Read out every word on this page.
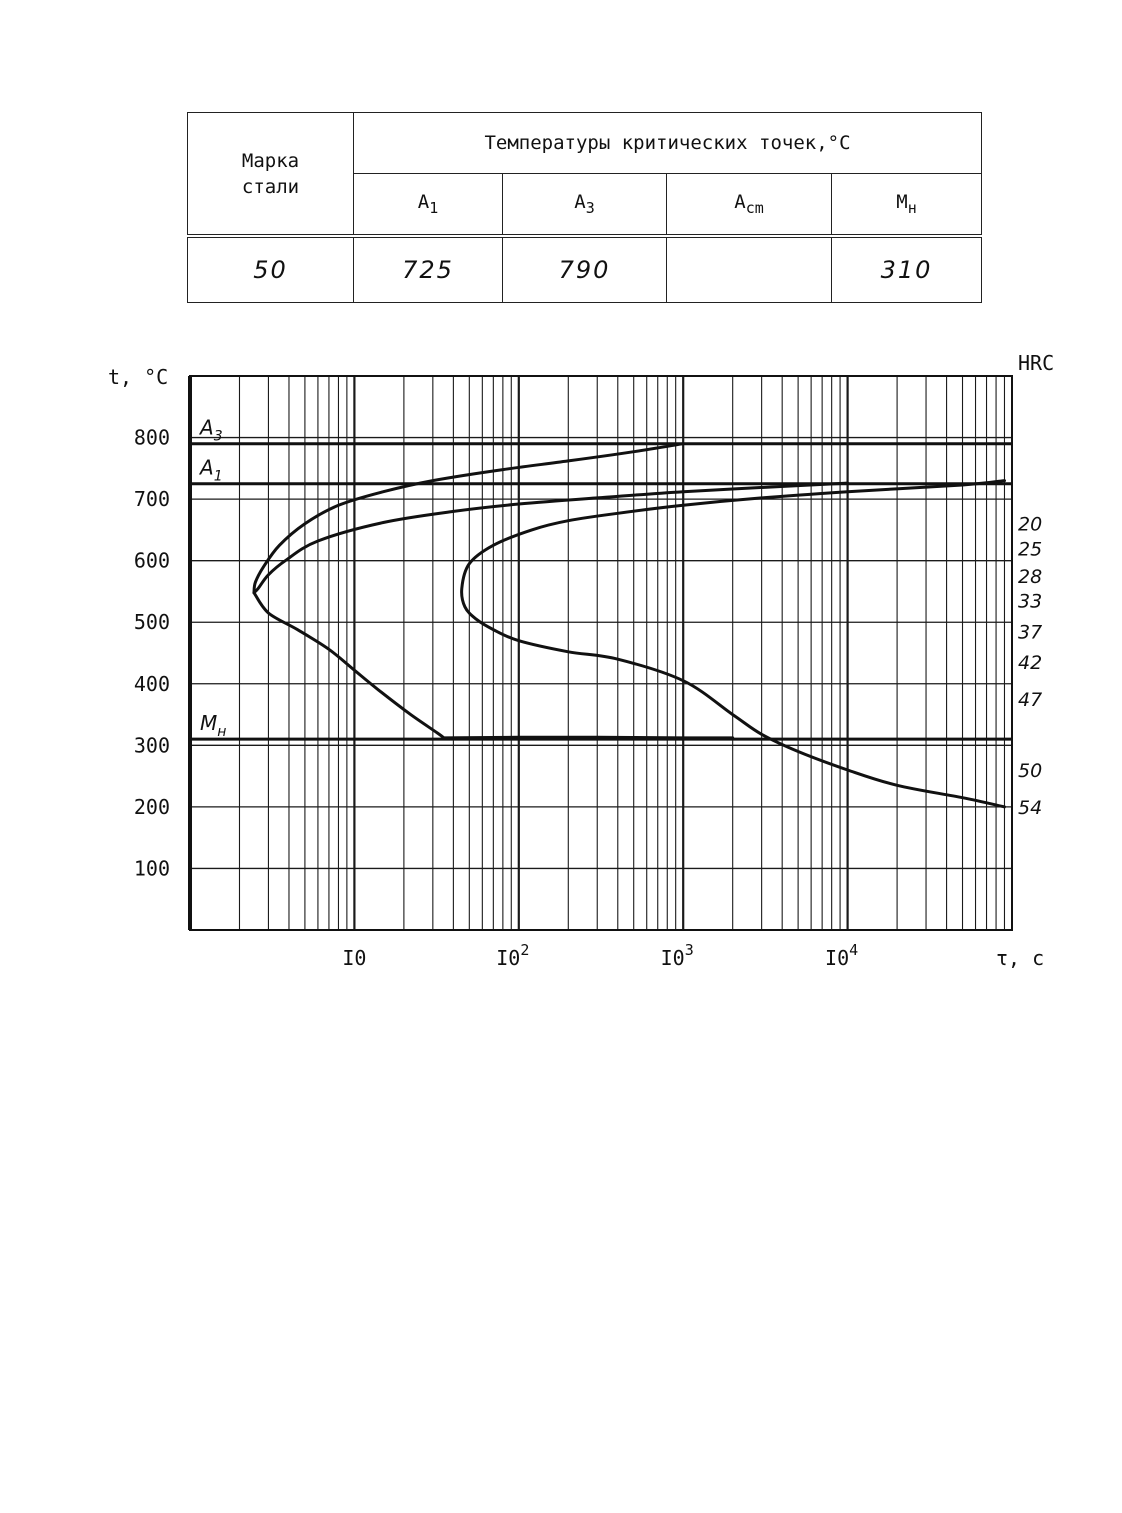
Марка стали	Температуры критических точек,°С			
	$A_1$	$A_3$	$A_{cm}$	$M_н$
50	725	790		310
$A_3$
$A_1$
$M_н$
100
200
300
400
500
600
700
800
I0	$I0^2$	$I0^3$	$I0^4$
20
25
28
33
37
42
47
50
54
t, °C
τ, с
HRC
